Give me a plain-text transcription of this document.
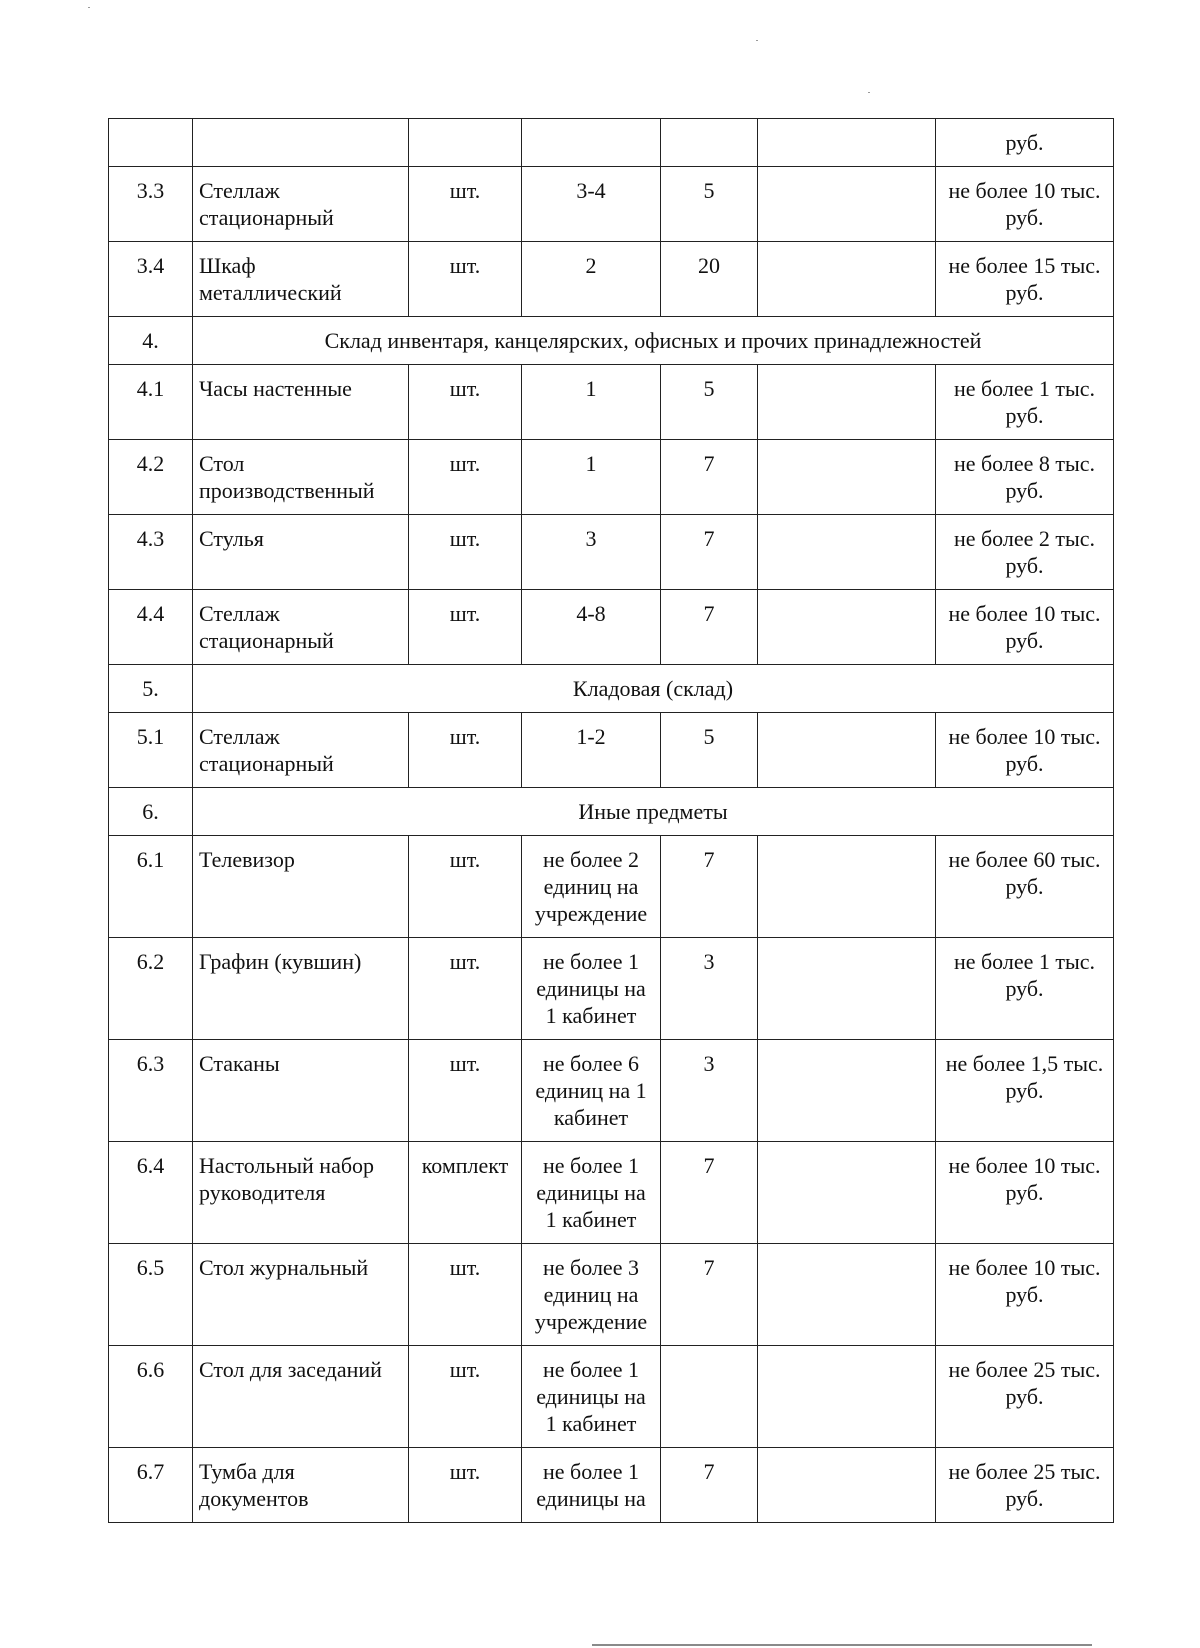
						руб.
3.3	Стеллаж стационарный	шт.	3-4	5		не более 10 тыс. руб.
3.4	Шкаф металлический	шт.	2	20		не более 15 тыс. руб.
4.	Склад инвентаря, канцелярских, офисных и прочих принадлежностей					
4.1	Часы настенные	шт.	1	5		не более 1 тыс. руб.
4.2	Стол производственный	шт.	1	7		не более 8 тыс. руб.
4.3	Стулья	шт.	3	7		не более 2 тыс. руб.
4.4	Стеллаж стационарный	шт.	4-8	7		не более 10 тыс. руб.
5.	Кладовая (склад)					
5.1	Стеллаж стационарный	шт.	1-2	5		не более 10 тыс. руб.
6.	Иные предметы					
6.1	Телевизор	шт.	не более 2 единиц на учреждение	7		не более 60 тыс. руб.
6.2	Графин (кувшин)	шт.	не более 1 единицы на 1 кабинет	3		не более 1 тыс. руб.
6.3	Стаканы	шт.	не более 6 единиц на 1 кабинет	3		не более 1,5 тыс. руб.
6.4	Настольный набор руководителя	комплект	не более 1 единицы на 1 кабинет	7		не более 10 тыс. руб.
6.5	Стол журнальный	шт.	не более 3 единиц на учреждение	7		не более 10 тыс. руб.
6.6	Стол для заседаний	шт.	не более 1 единицы на 1 кабинет			не более 25 тыс. руб.
6.7	Тумба для документов	шт.	не более 1 единицы на	7		не более 25 тыс. руб.
